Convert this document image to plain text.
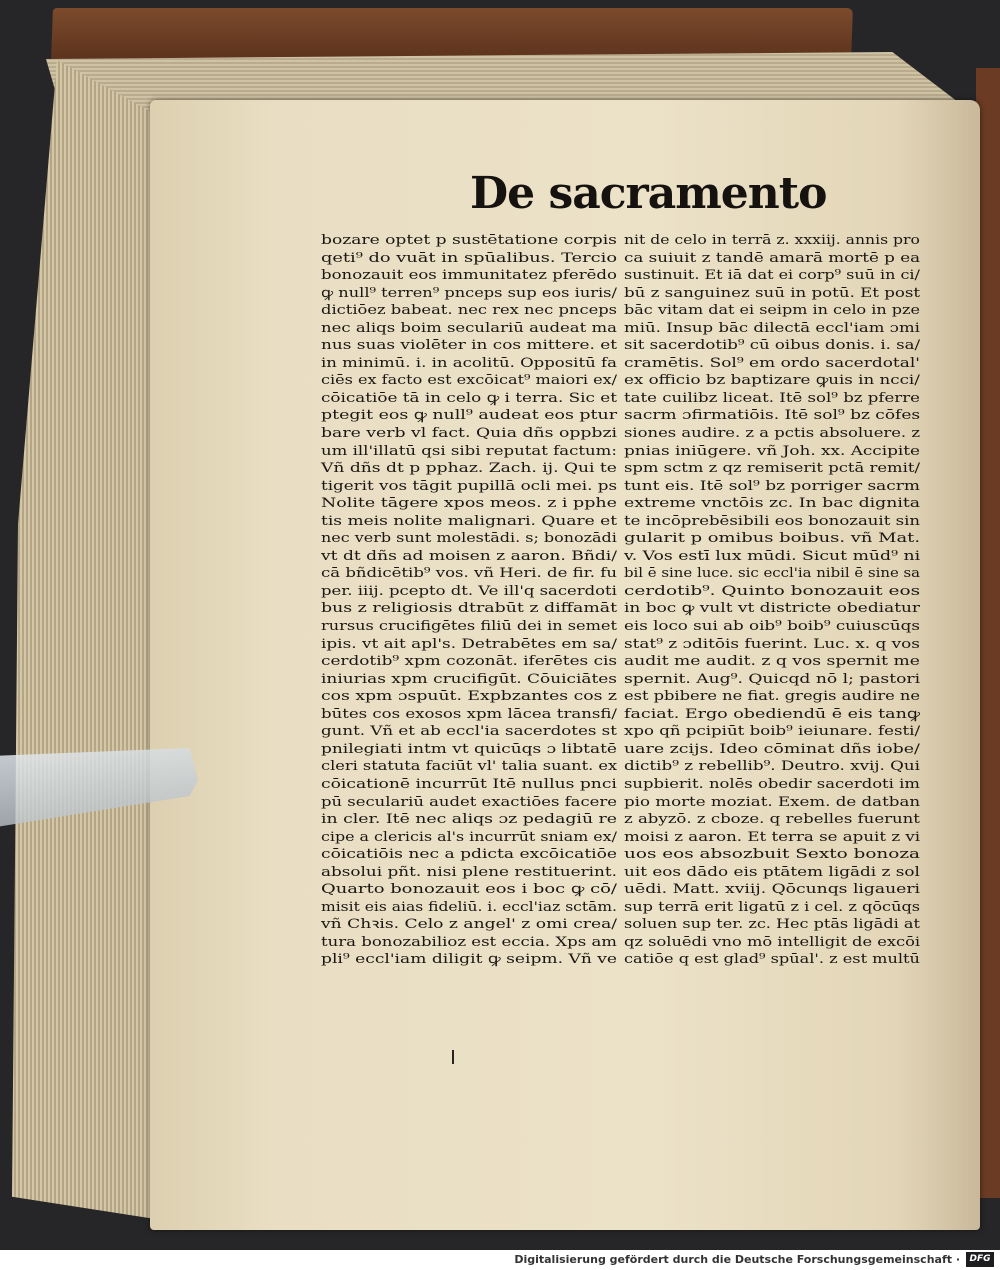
De sacramento
bozare optet p sustētatione corpis
qeti⁹ do vuāt in spūalibus. Tercio
bonozauit eos immunitatez pferēdo
ꝙ null⁹ terren⁹ pnceps sup eos iuris/
dictiōez babeat. nec rex nec pnceps
nec aliqs boim seculariū audeat ma
nus suas violēter in cos mittere. et
in minimū. i. in acolitū. Oppositū fa
ciēs ex facto est excōicat⁹ maiori ex/
cōicatiōe tā in celo ꝙ i terra. Sic et
ptegit eos ꝙ null⁹ audeat eos ptur
bare verb vl fact. Quia dñs oppbzi
um ill'illatū qsi sibi reputat factum:
Vñ dñs dt p pphaz. Zach. ij. Qui te
tigerit vos tāgit pupillā ocli mei. ps
Nolite tāgere xpos meos. z i pphe
tis meis nolite malignari. Quare et
nec verb sunt molestādi. s; bonozādi
vt dt dñs ad moisen z aaron. Bñdi/
cā bñdicētib⁹ vos. vñ Heri. de fir. fu
per. iiij. pcepto dt. Ve ill'q sacerdoti
bus z religiosis dtrabūt z diffamāt
rursus crucifigētes filiū dei in semet
ipis. vt ait apl's. Detrabētes em sa/
cerdotib⁹ xpm cozonāt. iferētes cis
iniurias xpm crucifigūt. Cōuiciātes
cos xpm ɔspuūt. Expbzantes cos z
būtes cos exosos xpm lācea transfi/
gunt. Vñ et ab eccl'ia sacerdotes st
pnilegiati intm vt quicūqs ɔ libtatē
cleri statuta faciūt vl' talia suant. ex
cōicationē incurrūt Itē nullus pnci
pū seculariū audet exactiōes facere
in cler. Itē nec aliqs ɔz pedagiū re
cipe a clericis al's incurrūt sniam ex/
cōicatiōis nec a pdicta excōicatiōe
absolui pñt. nisi plene restituerint.
Quarto bonozauit eos i boc ꝙ cō/
misit eis aias fideliū. i. eccl'iaz sctām.
vñ Chꝛis. Celo z angel' z omi crea/
tura bonozabilioz est eccia. Xps am
pli⁹ eccl'iam diligit ꝙ seipm. Vñ ve
nit de celo in terrā z. xxxiij. annis pro
ca suiuit z tandē amarā mortē p ea
sustinuit. Et iā dat ei corp⁹ suū in ci/
bū z sanguinez suū in potū. Et post
bāc vitam dat ei seipm in celo in pze
miū. Insup bāc dilectā eccl'iam ɔmi
sit sacerdotib⁹ cū oibus donis. i. sa/
cramētis. Sol⁹ em ordo sacerdotal'
ex officio bz baptizare ꝙuis in ncci/
tate cuilibz liceat. Itē sol⁹ bz pferre
sacrm ɔfirmatiōis. Itē sol⁹ bz cōfes
siones audire. z a pctis absoluere. z
pnias iniūgere. vñ Joh. xx. Accipite
spm sctm z qz remiserit pctā remit/
tunt eis. Itē sol⁹ bz porriger sacrm
extreme vnctōis zc. In bac dignita
te incōprebēsibili eos bonozauit sin
gularit p omibus boibus. vñ Mat.
v. Vos estī lux mūdi. Sicut mūd⁹ ni
bil ē sine luce. sic eccl'ia nibil ē sine sa
cerdotib⁹. Quinto bonozauit eos
in boc ꝙ vult vt districte obediatur
eis loco sui ab oib⁹ boib⁹ cuiuscūqs
stat⁹ z ɔditōis fuerint. Luc. x. q vos
audit me audit. z q vos spernit me
spernit. Aug⁹. Quicqd nō l; pastori
est pbibere ne fiat. gregis audire ne
faciat. Ergo obediendū ē eis tanꝙ
xpo qñ pcipiūt boib⁹ ieiunare. festi/
uare zcijs. Ideo cōminat dñs iobe/
dictib⁹ z rebellib⁹. Deutro. xvij. Qui
supbierit. nolēs obedir sacerdoti im
pio morte moziat. Exem. de datban
z abyzō. z cboze. q rebelles fuerunt
moisi z aaron. Et terra se apuit z vi
uos eos absozbuit Sexto bonoza
uit eos dādo eis ptātem ligādi z sol
uēdi. Matt. xviij. Qōcunqs ligaueri
sup terrā erit ligatū z i cel. z qōcūqs
soluen sup ter. zc. Hec ptās ligādi at
qz soluēdi vno mō intelligit de excōi
catiōe q est glad⁹ spūal'. z est multū
Digitalisierung gefördert durch die Deutsche Forschungsgemeinschaft ·	DFG
